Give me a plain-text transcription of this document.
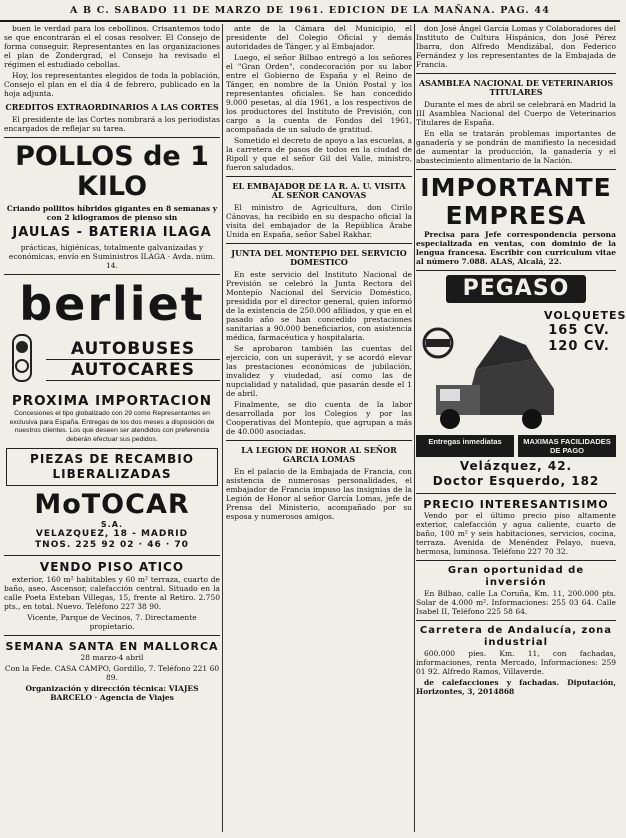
A B C. SABADO 11 DE MARZO DE 1961. EDICION DE LA MAÑANA. PAG. 44

buen le verdad para los cebollinos. Crisantemos todo se que encontrarán el el cosas resolver. El Consejo de forma conseguir. Representantes en las organizaciones el plan de Zondergrad, el Consejo ha revisado el régimen el estudiado cebollas.

Hoy, los representantes elegidos de toda la población, Consejo el plan en el día 4 de febrero, publicado en la hoja adjunta.

CREDITOS EXTRAORDINARIOS A LAS CORTES

El presidente de las Cortes nombrará a los periodistas encargados de reflejar su tarea.

POLLOS de 1 KILO

Criando pollitos híbridos gigantes en 8 semanas y con 2 kilogramos de pienso sin

JAULAS - BATERIA ILAGA

prácticas, higiénicas, totalmente galvanizadas y económicas, envío en Suministros ILAGA · Avda. núm. 14.

berliet
AUTOBUSES
AUTOCARES
PROXIMA IMPORTACION

Concesiones el tipo globalizado con 29 como Representantes en exclusiva para España. Entregas de los dos meses a disposición de nuestros clientes. Los que deseen ser atendidos con preferencia deberán efectuar sus pedidos.

PIEZAS DE RECAMBIO
LIBERALIZADAS
MoTOCAR
S.A.
VELAZQUEZ, 18 - MADRID
TNOS. 225 92 02 · 46 · 70
VENDO PISO ATICO

exterior, 160 m² habitables y 60 m² terraza, cuarto de baño, aseo. Ascensor, calefacción central. Situado en la calle Poeta Esteban Villegas, 15, frente al Retiro. 2.750 pts., en total. Nuevo. Teléfono 227 38 90.

Vicente, Parque de Vecinos, 7. Directamente propietario.

SEMANA SANTA EN MALLORCA

28 marzo-4 abril

Con la Fede. CASA CAMPO, Gordillo, 7. Teléfono 221 60 89.

Organización y dirección técnica: VIAJES BARCELO · Agencia de Viajes

ante de la Cámara del Municipio, el presidente del Colegio Oficial y demás autoridades de Tánger, y al Embajador.

Luego, el señor Bilbao entregó a los señores el "Gran Orden", condecoración por su labor entre el Gobierno de España y el Reino de Tánger, en nombre de la Unión Postal y los representantes oficiales. Se han concedido 9.000 pesetas, al día 1961, a los respectivos de los productores del Instituto de Previsión, con cargo a la cuenta de Fondos del 1961, acompañada de un saludo de gratitud.

Sometido el decreto de apoyo a las escuelas, a la carretera de pasos de todos en la ciudad de Ripoll y que el señor Gil del Valle, ministro, fueron saludados.

EL EMBAJADOR DE LA R. A. U. VISITA AL SEÑOR CANOVAS

El ministro de Agricultura, don Cirilo Cánovas, ha recibido en su despacho oficial la visita del embajador de la República Árabe Unida en España, señor Sabel Rakhar.

JUNTA DEL MONTEPIO DEL SERVICIO DOMESTICO

En este servicio del Instituto Nacional de Previsión se celebró la Junta Rectora del Montepío Nacional del Servicio Doméstico, presidida por el director general, quien informó de la existencia de 250.000 afiliados, y que en el pasado año se han concedido prestaciones sanitarias a 90.000 beneficiarios, con asistencia médica, farmacéutica y hospitalaria.

Se aprobaron también las cuentas del ejercicio, con un superávit, y se acordó elevar las prestaciones económicas de jubilación, invalidez y viudedad, así como las de nupcialidad y natalidad, que pasarán desde el 1 de abril.

Finalmente, se dio cuenta de la labor desarrollada por los Colegios y por las Cooperativas del Montepío, que agrupan a más de 40.000 asociadas.

LA LEGION DE HONOR AL SEÑOR GARCIA LOMAS

En el palacio de la Embajada de Francia, con asistencia de numerosas personalidades, el embajador de Francia impuso las insignias de la Legión de Honor al señor García Lomas, jefe de Prensa del Ministerio, acompañado por su esposa y numerosos amigos.

don José Ángel García Lomas y Colaboradores del Instituto de Cultura Hispánica, don José Pérez Ibarra, don Alfredo Mendizábal, don Federico Fernández y los representantes de la Embajada de Francia.

ASAMBLEA NACIONAL DE VETERINARIOS TITULARES

Durante el mes de abril se celebrará en Madrid la III Asamblea Nacional del Cuerpo de Veterinarios Titulares de España.

En ella se tratarán problemas importantes de ganadería y se pondrán de manifiesto la necesidad de aumentar la producción, la ganadería y el abastecimiento alimentario de la Nación.

IMPORTANTE
EMPRESA

Precisa para Jefe correspondencia persona especializada en ventas, con dominio de la lengua francesa. Escribir con curriculum vitae al número 7.088. ALAS, Alcalá, 22.

PEGASO
VOLQUETES
165 CV.
120 CV.
Entregas inmediatas	MAXIMAS FACILIDADES DE PAGO
Velázquez, 42.
Doctor Esquerdo, 182
PRECIO INTERESANTISIMO

Vendo por el último precio piso altamente exterior, calefacción y agua caliente, cuarto de baño, 100 m² y seis habitaciones, servicios, cocina, terraza. Avenida de Menéndez Pelayo, nueva, hermosa, luminosa. Teléfono 227 70 32.

Gran oportunidad de inversión

En Bilbao, calle La Coruña, Km. 11, 200.000 pts. Solar de 4.000 m². Informaciones: 255 03 64. Calle Isabel II, Teléfono 225 58 64.

Carretera de Andalucía, zona industrial

600.000 pies. Km. 11, con fachadas, informaciones, renta Mercado, Informaciones: 259 01 92. Alfredo Ramos, Villaverde.

de calefacciones y fachadas. Diputación, Horizontes, 3, 2014868
